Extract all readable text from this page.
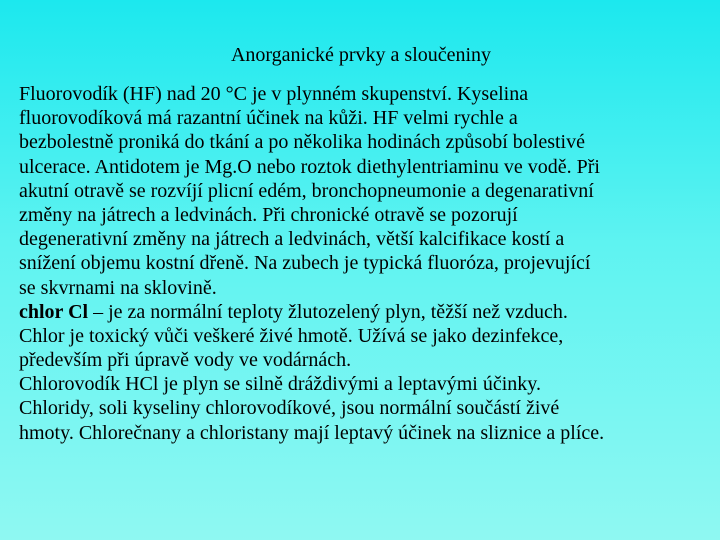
Anorganické prvky a sloučeniny
Fluorovodík (HF) nad 20 °C je v plynném skupenství. Kyselina
fluorovodíková má razantní účinek na kůži. HF velmi rychle a
bezbolestně proniká do tkání a po několika hodinách způsobí bolestivé
ulcerace. Antidotem je Mg.O nebo roztok diethylentriaminu ve vodě. Při
akutní otravě se rozvíjí plicní edém, bronchopneumonie a degenarativní
změny na játrech a ledvinách. Při chronické otravě se pozorují
degenerativní změny na játrech a ledvinách, větší kalcifikace kostí a
snížení objemu kostní dřeně. Na zubech je typická fluoróza, projevující
se skvrnami na sklovině.
chlor Cl – je za normální teploty žlutozelený plyn, těžší než vzduch.
Chlor je toxický vůči veškeré živé hmotě. Užívá se jako dezinfekce,
především při úpravě vody ve vodárnách.
Chlorovodík HCl je plyn se silně dráždivými a leptavými účinky.
Chloridy, soli kyseliny chlorovodíkové, jsou normální součástí živé
hmoty. Chlorečnany a chloristany mají leptavý účinek na sliznice a plíce.
